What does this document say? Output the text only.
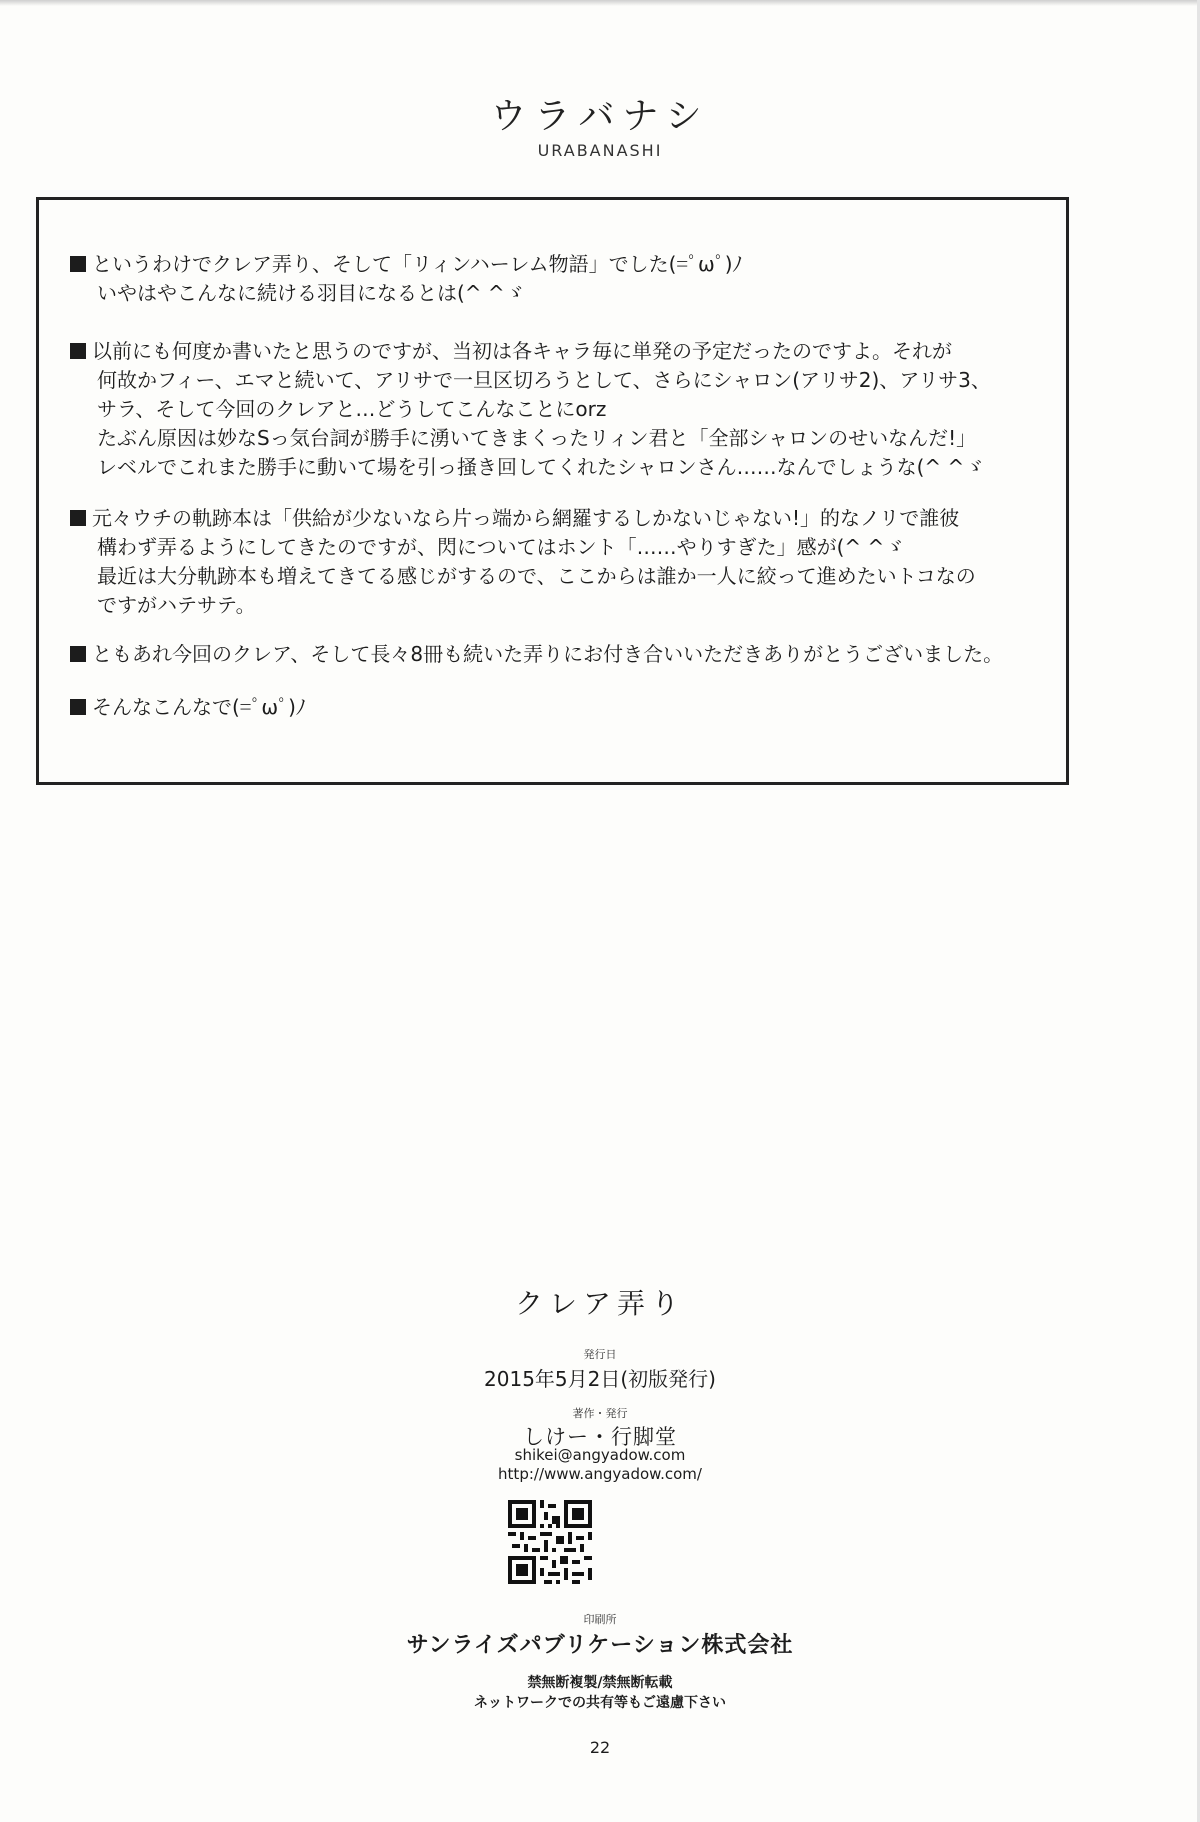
ウラバナシ
URABANASHI
というわけでクレア弄り、そして「リィンハーレム物語」でした(=ﾟωﾟ)ﾉ
いやはやこんなに続ける羽目になるとは(^ ^ゞ
以前にも何度か書いたと思うのですが、当初は各キャラ毎に単発の予定だったのですよ。それが
何故かフィー、エマと続いて、アリサで一旦区切ろうとして、さらにシャロン(アリサ2)、アリサ3、
サラ、そして今回のクレアと…どうしてこんなことにorz
たぶん原因は妙なSっ気台詞が勝手に湧いてきまくったリィン君と「全部シャロンのせいなんだ!」
レベルでこれまた勝手に動いて場を引っ掻き回してくれたシャロンさん……なんでしょうな(^ ^ゞ
元々ウチの軌跡本は「供給が少ないなら片っ端から網羅するしかないじゃない!」的なノリで誰彼
構わず弄るようにしてきたのですが、閃についてはホント「……やりすぎた」感が(^ ^ゞ
最近は大分軌跡本も増えてきてる感じがするので、ここからは誰か一人に絞って進めたいトコなの
ですがハテサテ。
ともあれ今回のクレア、そして長々8冊も続いた弄りにお付き合いいただきありがとうございました。
そんなこんなで(=ﾟωﾟ)ﾉ
クレア弄り
発行日
2015年5月2日(初版発行)
著作・発行
しけー・行脚堂
shikei@angyadow.com
http://www.angyadow.com/
印刷所
サンライズパブリケーション株式会社
禁無断複製/禁無断転載
ネットワークでの共有等もご遠慮下さい
22
